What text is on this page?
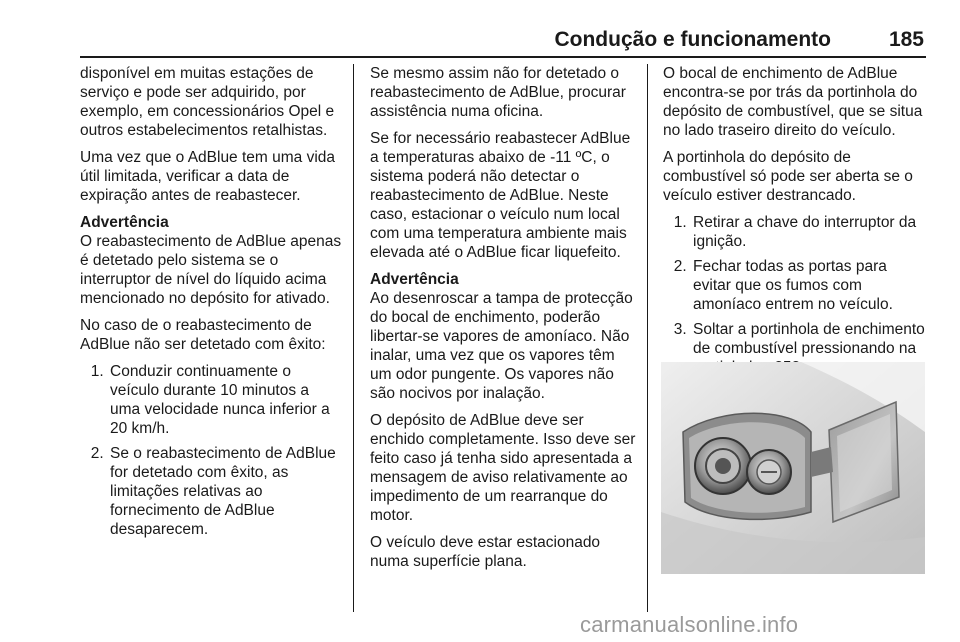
Condução e funcionamento	185

disponível em muitas estações de serviço e pode ser adquirido, por exemplo, em concessionários Opel e outros estabelecimentos retalhistas.

Uma vez que o AdBlue tem uma vida útil limitada, verificar a data de expiração antes de reabastecer.

Advertência

O reabastecimento de AdBlue apenas é detetado pelo sistema se o interruptor de nível do líquido acima mencionado no depósito for ativado.

No caso de o reabastecimento de AdBlue não ser detetado com êxito:

1. Conduzir continuamente o veículo durante 10 minutos a uma velocidade nunca inferior a 20 km/h.
2. Se o reabastecimento de AdBlue for detetado com êxito, as limitações relativas ao fornecimento de AdBlue desaparecem.

Se mesmo assim não for detetado o reabastecimento de AdBlue, procurar assistência numa oficina.

Se for necessário reabastecer AdBlue a temperaturas abaixo de -11 ºC, o sistema poderá não detectar o reabastecimento de AdBlue. Neste caso, estacionar o veículo num local com uma temperatura ambiente mais elevada até o AdBlue ficar liquefeito.

Advertência

Ao desenroscar a tampa de protecção do bocal de enchimento, poderão libertar-se vapores de amoníaco. Não inalar, uma vez que os vapores têm um odor pungente. Os vapores não são nocivos por inalação.

O depósito de AdBlue deve ser enchido completamente. Isso deve ser feito caso já tenha sido apresentada a mensagem de aviso relativamente ao impedimento de um rearranque do motor.

O veículo deve estar estacionado numa superfície plana.

O bocal de enchimento de AdBlue encontra-se por trás da portinhola do depósito de combustível, que se situa no lado traseiro direito do veículo.

A portinhola do depósito de combustível só pode ser aberta se o veículo estiver destrancado.

1. Retirar a chave do interruptor da ignição.
2. Fechar todas as portas para evitar que os fumos com amoníaco entrem no veículo.
3. Soltar a portinhola de enchimento de combustível pressionando na
carmanualsonline.info
